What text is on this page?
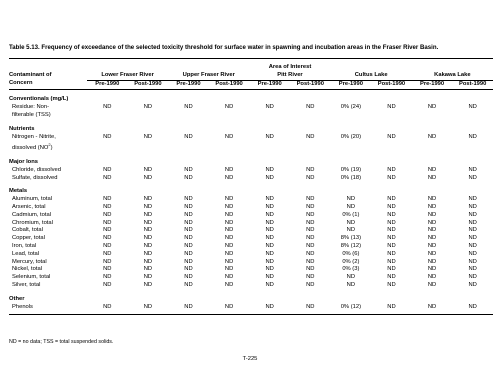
Table 5.13. Frequency of exceedance of the selected toxicity threshold for surface water in spawning and incubation areas in the Fraser River Basin.

	Area of Interest									
Contaminant of	Lower Fraser River		Upper Fraser River		Pitt River		Cultus Lake		Kakawa Lake	
Concern	Pre-1990	Post-1990	Pre-1990	Post-1990	Pre-1990	Post-1990	Pre-1990	Post-1990	Pre-1990	Post-1990
Conventionals (mg/L)										
Residue: Non-
filterable (TSS)	ND	ND	ND	ND	ND	ND	0% (24)	ND	ND	ND
Nutrients										
Nitrogen - Nitrite,
dissolved $(NO^2)$	ND	ND	ND	ND	ND	ND	0% (20)	ND	ND	ND
Major Ions										
Chloride, dissolved	ND	ND	ND	ND	ND	ND	0% (19)	ND	ND	ND
Sulfate, dissolved	ND	ND	ND	ND	ND	ND	0% (18)	ND	ND	ND
Metals										
Aluminum, total	ND	ND	ND	ND	ND	ND	ND	ND	ND	ND
Arsenic, total	ND	ND	ND	ND	ND	ND	ND	ND	ND	ND
Cadmium, total	ND	ND	ND	ND	ND	ND	0% (1)	ND	ND	ND
Chromium, total	ND	ND	ND	ND	ND	ND	ND	ND	ND	ND
Cobalt, total	ND	ND	ND	ND	ND	ND	ND	ND	ND	ND
Copper, total	ND	ND	ND	ND	ND	ND	8% (13)	ND	ND	ND
Iron, total	ND	ND	ND	ND	ND	ND	8% (12)	ND	ND	ND
Lead, total	ND	ND	ND	ND	ND	ND	0% (6)	ND	ND	ND
Mercury, total	ND	ND	ND	ND	ND	ND	0% (2)	ND	ND	ND
Nickel, total	ND	ND	ND	ND	ND	ND	0% (3)	ND	ND	ND
Selenium, total	ND	ND	ND	ND	ND	ND	ND	ND	ND	ND
Silver, total	ND	ND	ND	ND	ND	ND	ND	ND	ND	ND
Other										
Phenols	ND	ND	ND	ND	ND	ND	0% (12)	ND	ND	ND

ND = no data; TSS = total suspended solids.
T-225
